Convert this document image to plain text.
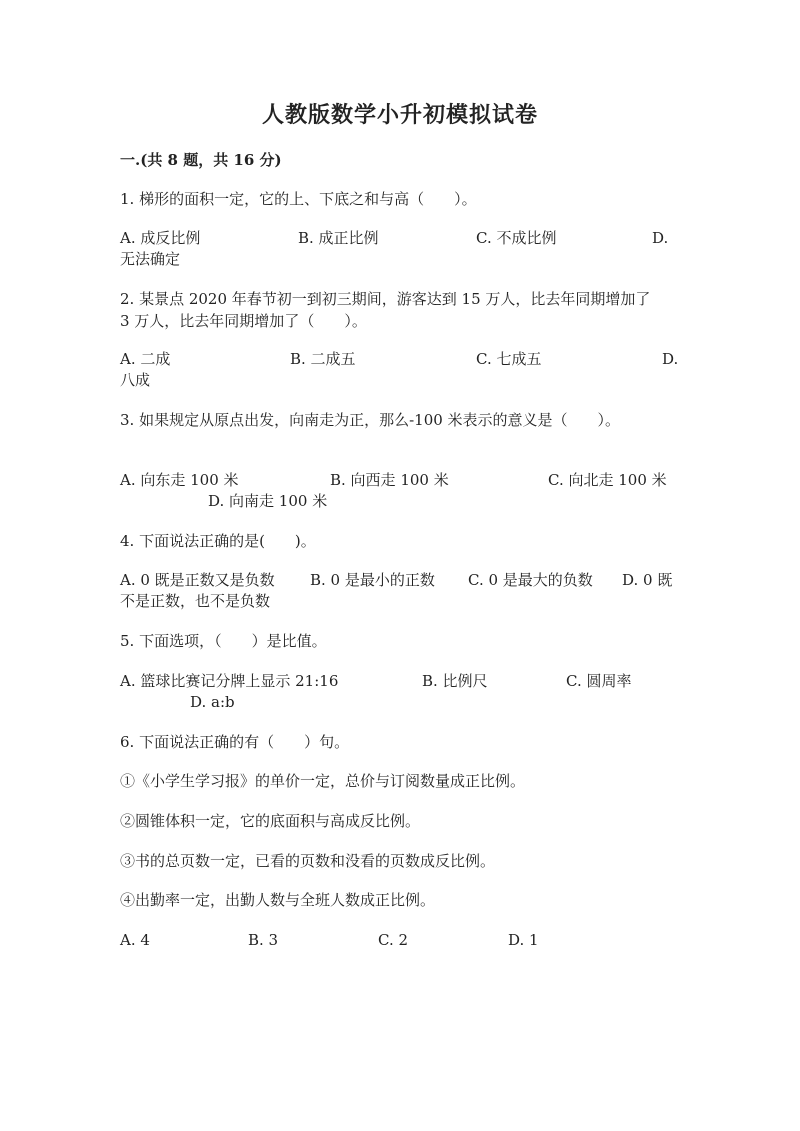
人教版数学小升初模拟试卷
一.(共 8 题，共 16 分)
1. 梯形的面积一定，它的上、下底之和与高（　　）。
A. 成反比例	B. 成正比例	C. 不成比例	D.
无法确定
2. 某景点 2020 年春节初一到初三期间，游客达到 15 万人，比去年同期增加了
3 万人，比去年同期增加了（　　）。
A. 二成	B. 二成五	C. 七成五	D.
八成
3. 如果规定从原点出发，向南走为正，那么-100 米表示的意义是（　　）。
A. 向东走 100 米	B. 向西走 100 米	C. 向北走 100 米
D. 向南走 100 米
4. 下面说法正确的是(　　)。
A. 0 既是正数又是负数 B. 0 是最小的正数 C. 0 是最大的负数 D. 0 既
不是正数，也不是负数
5. 下面选项，（　　）是比值。
A. 篮球比赛记分牌上显示 21:16	B. 比例尺	C. 圆周率
D. a:b
6. 下面说法正确的有（　　）句。
①《小学生学习报》的单价一定，总价与订阅数量成正比例。
②圆锥体积一定，它的底面积与高成反比例。
③书的总页数一定，已看的页数和没看的页数成反比例。
④出勤率一定，出勤人数与全班人数成正比例。
A. 4	B. 3	C. 2	D. 1
